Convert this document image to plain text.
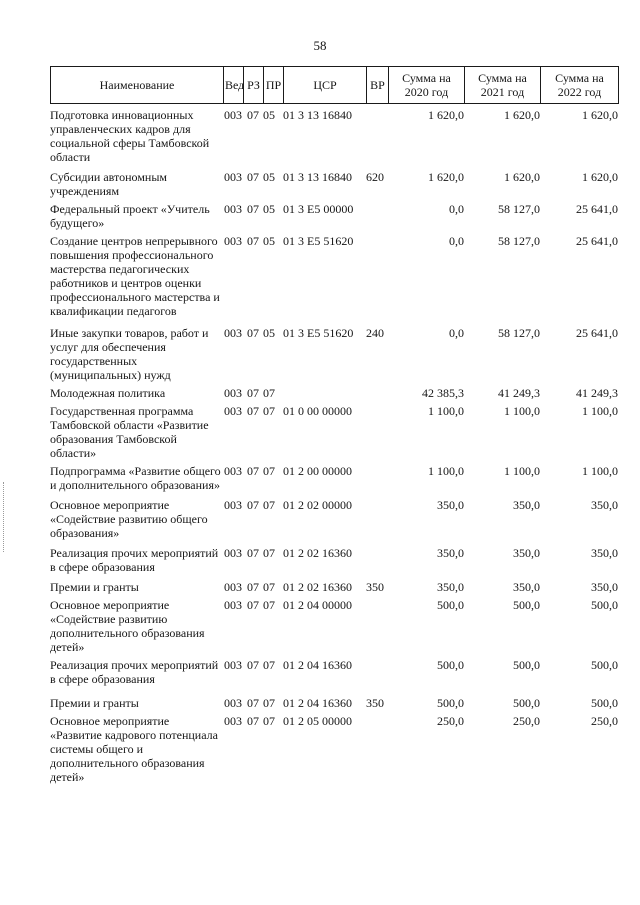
58
Наименование	Вед	РЗ	ПР	ЦСР	ВР	Сумма на 2020 год	Сумма на 2021 год	Сумма на 2022 год
Подготовка инновационных управленческих кадров для социальной сферы Тамбовской области	003	07	05	01 3 13 16840		1 620,0	1 620,0	1 620,0
Субсидии автономным учреждениям	003	07	05	01 3 13 16840	620	1 620,0	1 620,0	1 620,0
Федеральный проект «Учитель будущего»	003	07	05	01 3 E5 00000		0,0	58 127,0	25 641,0
Создание центров непрерывного повышения профессионального мастерства педагогических работников и центров оценки профессионального мастерства и квалификации педагогов	003	07	05	01 3 E5 51620		0,0	58 127,0	25 641,0
Иные закупки товаров, работ и услуг для обеспечения государственных (муниципальных) нужд	003	07	05	01 3 E5 51620	240	0,0	58 127,0	25 641,0
Молодежная политика	003	07	07			42 385,3	41 249,3	41 249,3
Государственная программа Тамбовской области «Развитие образования Тамбовской области»	003	07	07	01 0 00 00000		1 100,0	1 100,0	1 100,0
Подпрограмма «Развитие общего и дополнительного образования»	003	07	07	01 2 00 00000		1 100,0	1 100,0	1 100,0
Основное мероприятие «Содействие развитию общего образования»	003	07	07	01 2 02 00000		350,0	350,0	350,0
Реализация прочих мероприятий в сфере образования	003	07	07	01 2 02 16360		350,0	350,0	350,0
Премии и гранты	003	07	07	01 2 02 16360	350	350,0	350,0	350,0
Основное мероприятие «Содействие развитию дополнительного образования детей»	003	07	07	01 2 04 00000		500,0	500,0	500,0
Реализация прочих мероприятий в сфере образования	003	07	07	01 2 04 16360		500,0	500,0	500,0
Премии и гранты	003	07	07	01 2 04 16360	350	500,0	500,0	500,0
Основное мероприятие «Развитие кадрового потенциала системы общего и дополнительного образования детей»	003	07	07	01 2 05 00000		250,0	250,0	250,0
